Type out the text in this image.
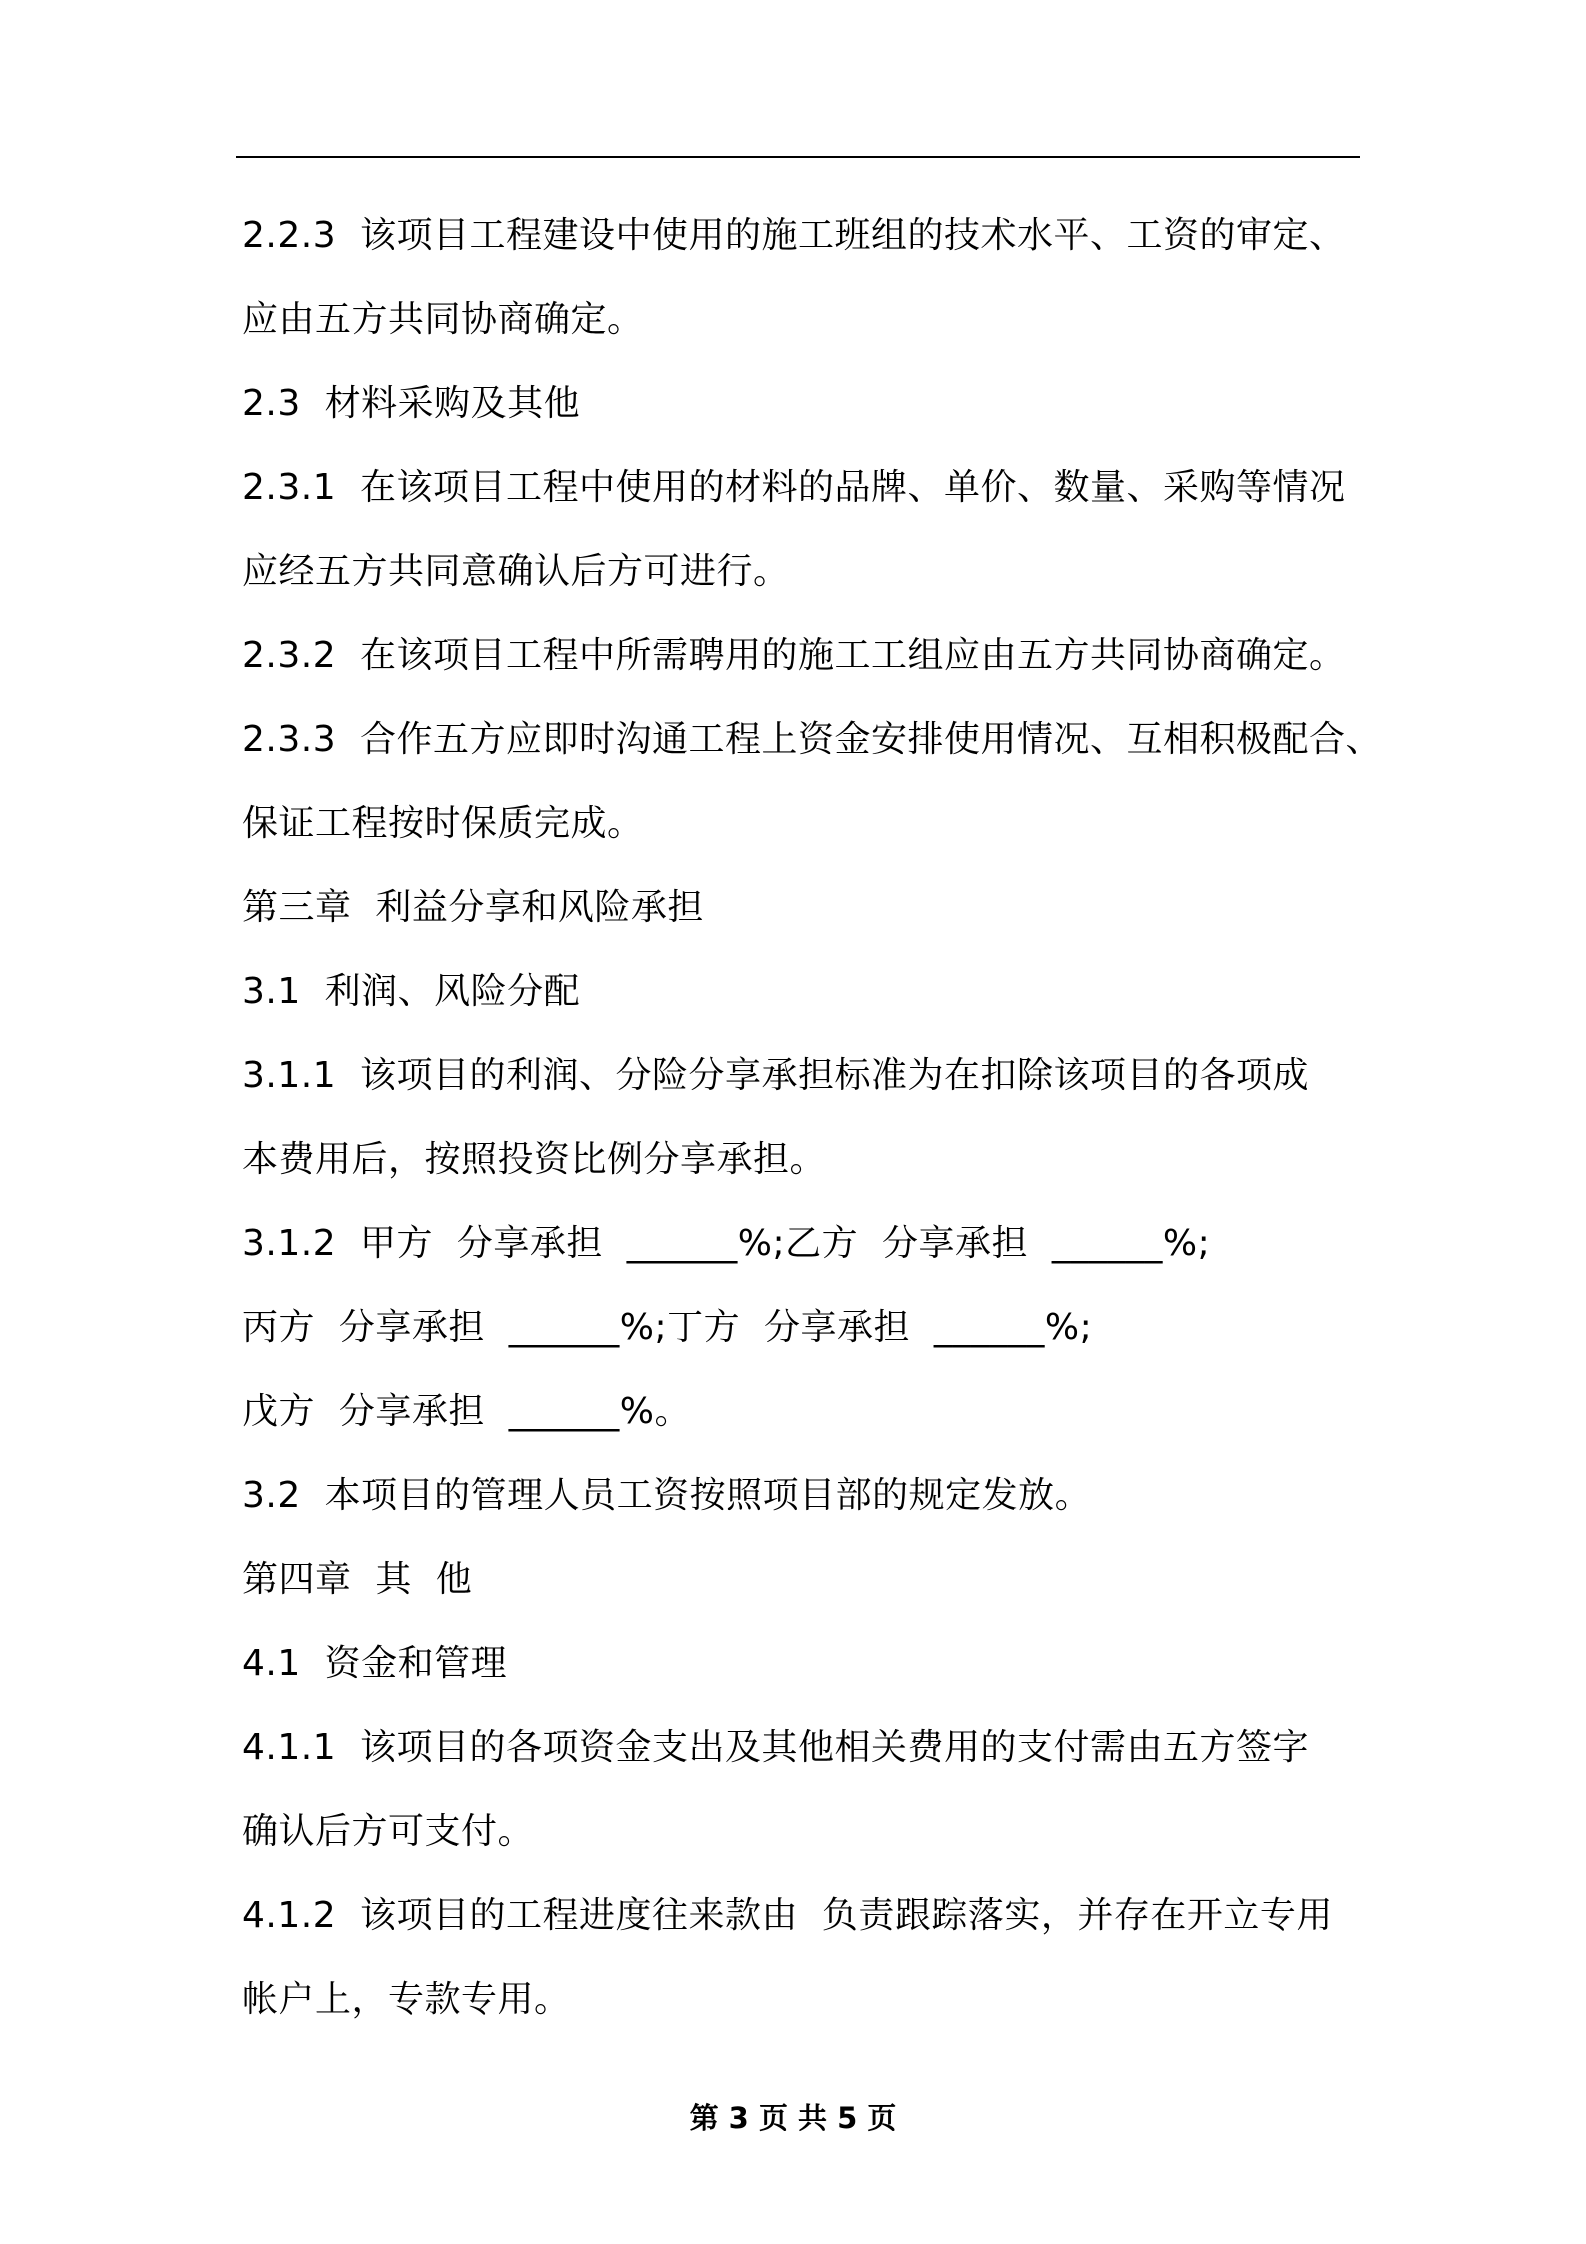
2.2.3  该项目工程建设中使用的施工班组的技术水平、工资的审定、
应由五方共同协商确定。
2.3  材料采购及其他
2.3.1  在该项目工程中使用的材料的品牌、单价、数量、采购等情况
应经五方共同意确认后方可进行。
2.3.2  在该项目工程中所需聘用的施工工组应由五方共同协商确定。
2.3.3  合作五方应即时沟通工程上资金安排使用情况、互相积极配合、
保证工程按时保质完成。
第三章  利益分享和风险承担
3.1  利润、风险分配
3.1.1  该项目的利润、分险分享承担标准为在扣除该项目的各项成
本费用后，按照投资比例分享承担。
3.1.2  甲方  分享承担  ______%;乙方  分享承担  ______%;
丙方  分享承担  ______%;丁方  分享承担  ______%;
戊方  分享承担  ______%。
3.2  本项目的管理人员工资按照项目部的规定发放。
第四章  其  他
4.1  资金和管理
4.1.1  该项目的各项资金支出及其他相关费用的支付需由五方签字
确认后方可支付。
4.1.2  该项目的工程进度往来款由  负责跟踪落实，并存在开立专用
帐户上，专款专用。
第 3 页 共 5 页
